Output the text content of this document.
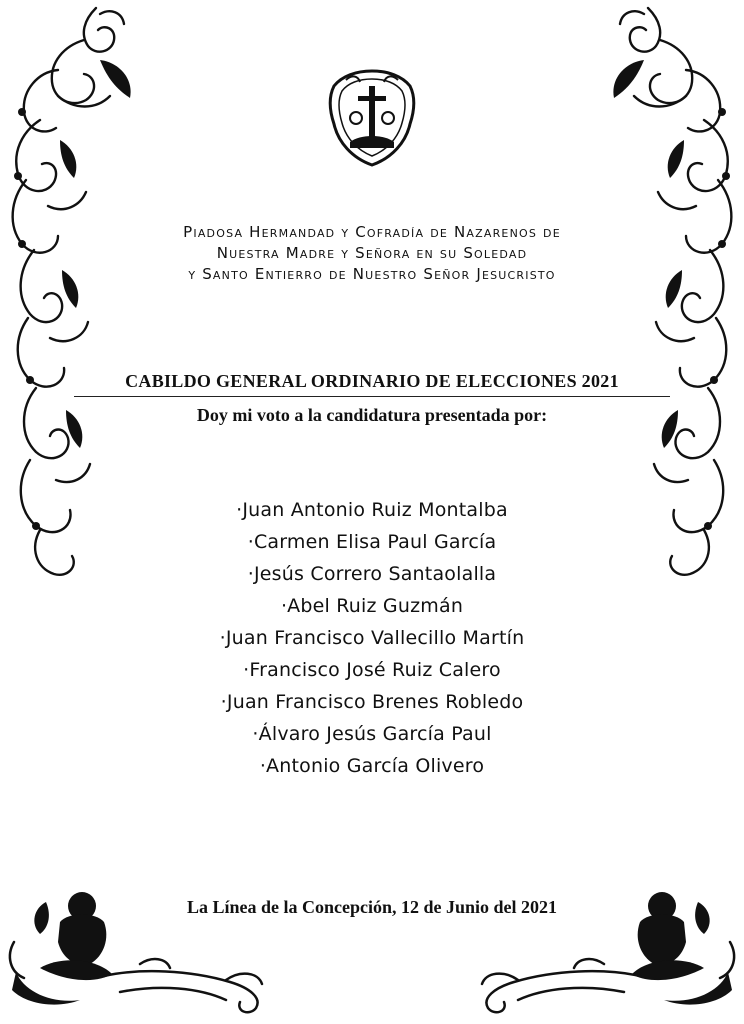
Piadosa Hermandad y Cofradía de Nazarenos de
Nuestra Madre y Señora en su Soledad
y Santo Entierro de Nuestro Señor Jesucristo
CABILDO GENERAL ORDINARIO DE ELECCIONES 2021
Doy mi voto a la candidatura presentada por:
·Juan Antonio Ruiz Montalba
·Carmen Elisa Paul García
·Jesús Correro Santaolalla
·Abel Ruiz Guzmán
·Juan Francisco Vallecillo Martín
·Francisco José Ruiz Calero
·Juan Francisco Brenes Robledo
·Álvaro Jesús García Paul
·Antonio García Olivero
La Línea de la Concepción, 12 de Junio del 2021
